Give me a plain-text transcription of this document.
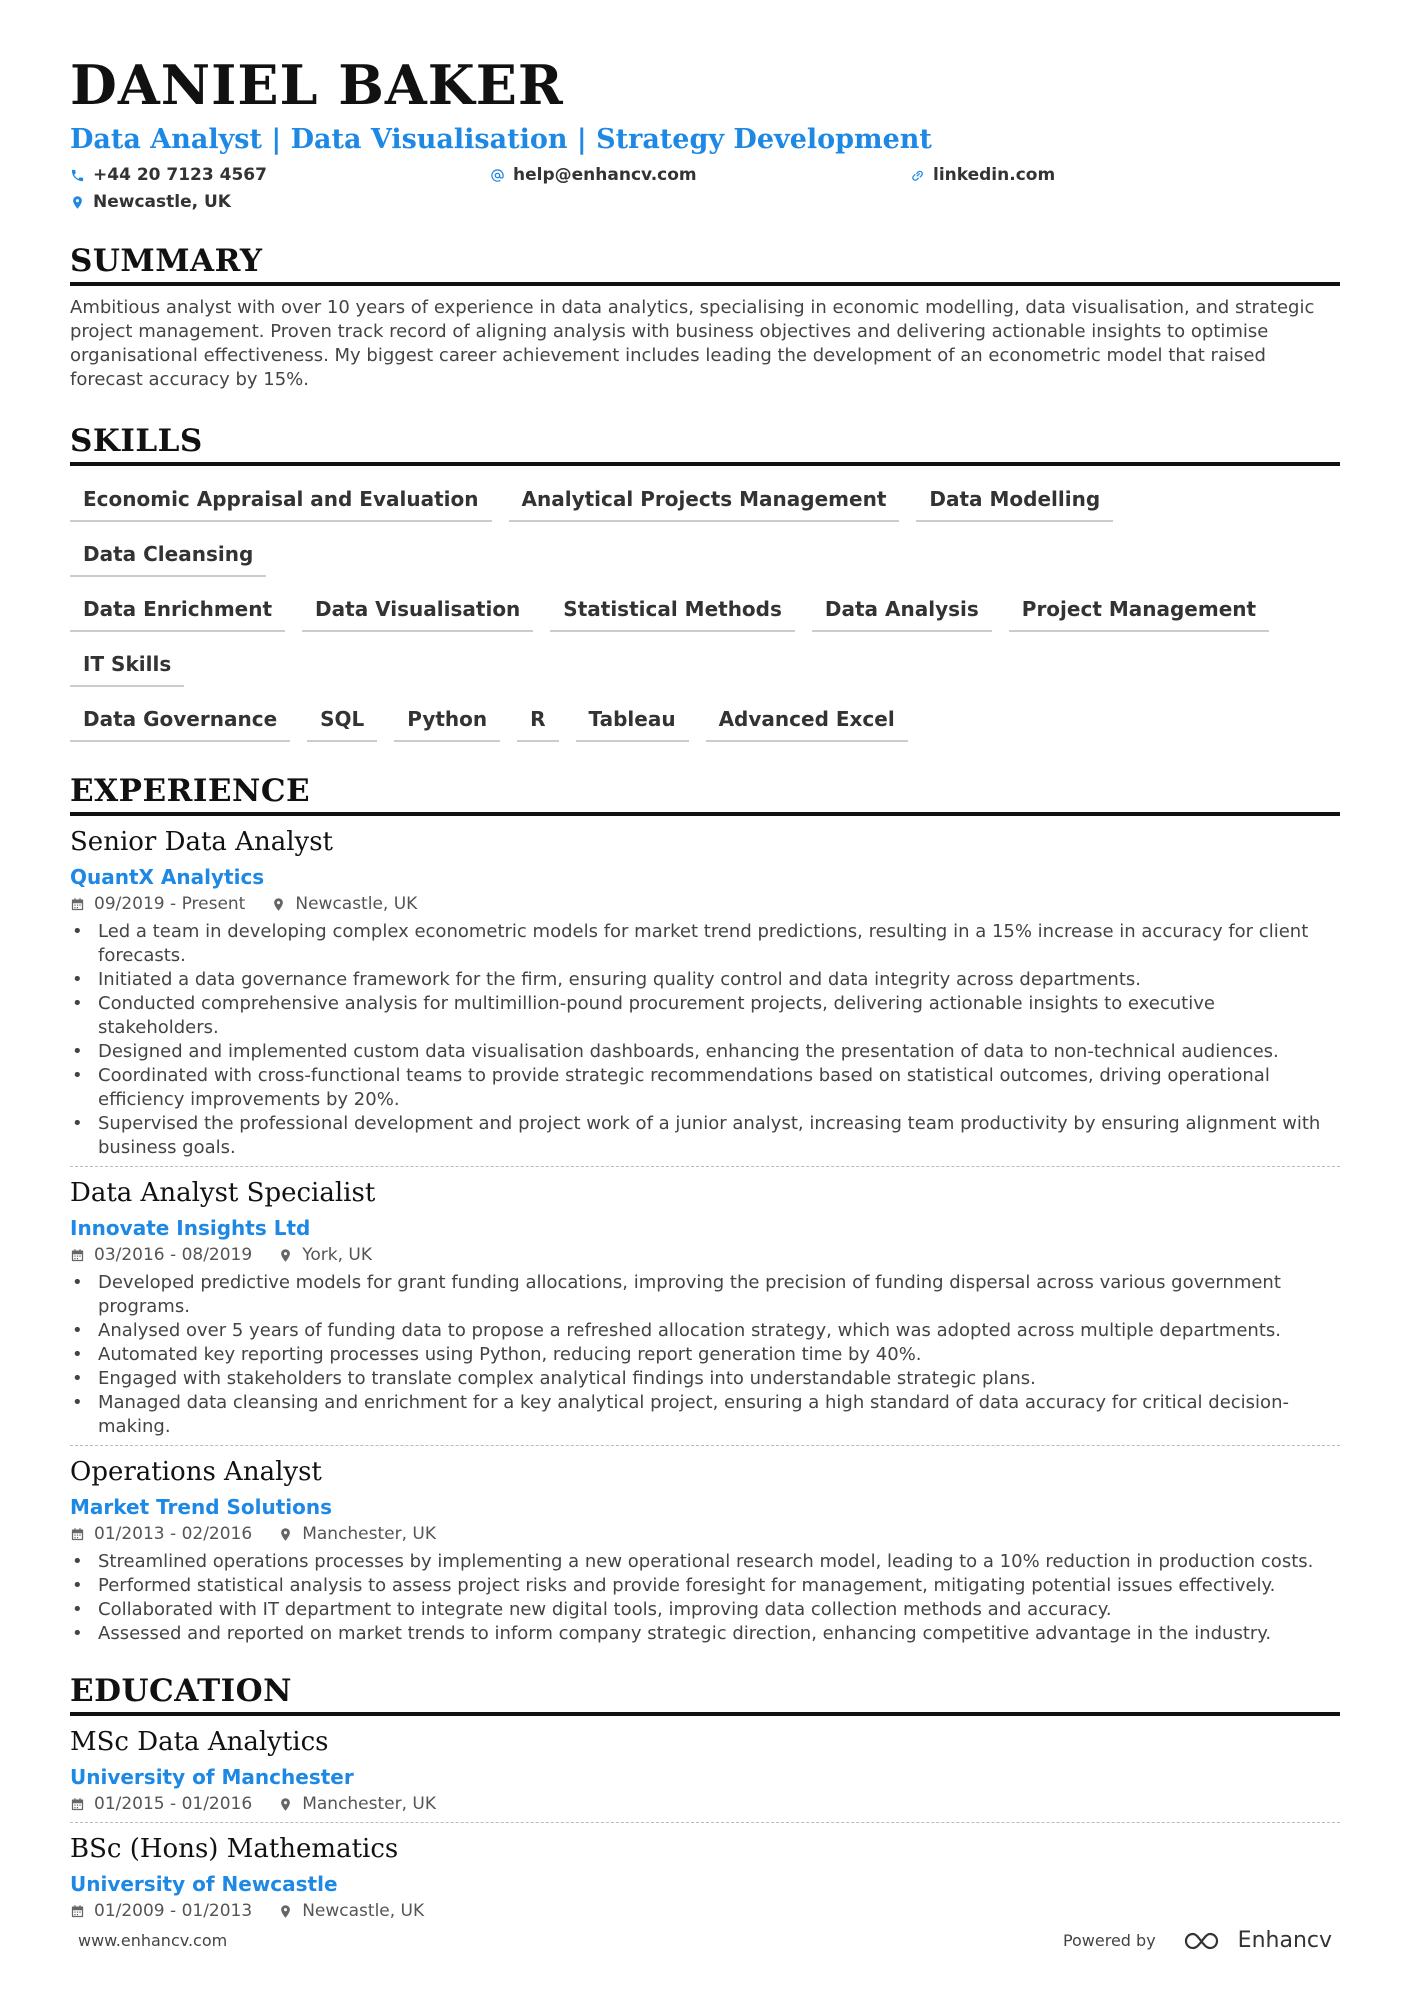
DANIEL BAKER
Data Analyst | Data Visualisation | Strategy Development
+44 20 7123 4567	help@enhancv.com	linkedin.com
Newcastle, UK
SUMMARY
Ambitious analyst with over 10 years of experience in data analytics, specialising in economic modelling, data visualisation, and strategic project management. Proven track record of aligning analysis with business objectives and delivering actionable insights to optimise organisational effectiveness. My biggest career achievement includes leading the development of an econometric model that raised forecast accuracy by 15%.
SKILLS
Economic Appraisal and Evaluation	Analytical Projects Management	Data Modelling
Data Cleansing
Data Enrichment	Data Visualisation	Statistical Methods	Data Analysis	Project Management
IT Skills
Data Governance	SQL	Python	R	Tableau	Advanced Excel
EXPERIENCE
Senior Data Analyst
QuantX Analytics
09/2019 - Present	Newcastle, UK
• Led a team in developing complex econometric models for market trend predictions, resulting in a 15% increase in accuracy for client forecasts.
• Initiated a data governance framework for the firm, ensuring quality control and data integrity across departments.
• Conducted comprehensive analysis for multimillion-pound procurement projects, delivering actionable insights to executive stakeholders.
• Designed and implemented custom data visualisation dashboards, enhancing the presentation of data to non-technical audiences.
• Coordinated with cross-functional teams to provide strategic recommendations based on statistical outcomes, driving operational efficiency improvements by 20%.
• Supervised the professional development and project work of a junior analyst, increasing team productivity by ensuring alignment with business goals.
Data Analyst Specialist
Innovate Insights Ltd
03/2016 - 08/2019	York, UK
• Developed predictive models for grant funding allocations, improving the precision of funding dispersal across various government programs.
• Analysed over 5 years of funding data to propose a refreshed allocation strategy, which was adopted across multiple departments.
• Automated key reporting processes using Python, reducing report generation time by 40%.
• Engaged with stakeholders to translate complex analytical findings into understandable strategic plans.
• Managed data cleansing and enrichment for a key analytical project, ensuring a high standard of data accuracy for critical decision-making.
Operations Analyst
Market Trend Solutions
01/2013 - 02/2016	Manchester, UK
• Streamlined operations processes by implementing a new operational research model, leading to a 10% reduction in production costs.
• Performed statistical analysis to assess project risks and provide foresight for management, mitigating potential issues effectively.
• Collaborated with IT department to integrate new digital tools, improving data collection methods and accuracy.
• Assessed and reported on market trends to inform company strategic direction, enhancing competitive advantage in the industry.
EDUCATION
MSc Data Analytics
University of Manchester
01/2015 - 01/2016	Manchester, UK
BSc (Hons) Mathematics
University of Newcastle
01/2009 - 01/2013	Newcastle, UK
www.enhancv.com	Powered by	Enhancv
